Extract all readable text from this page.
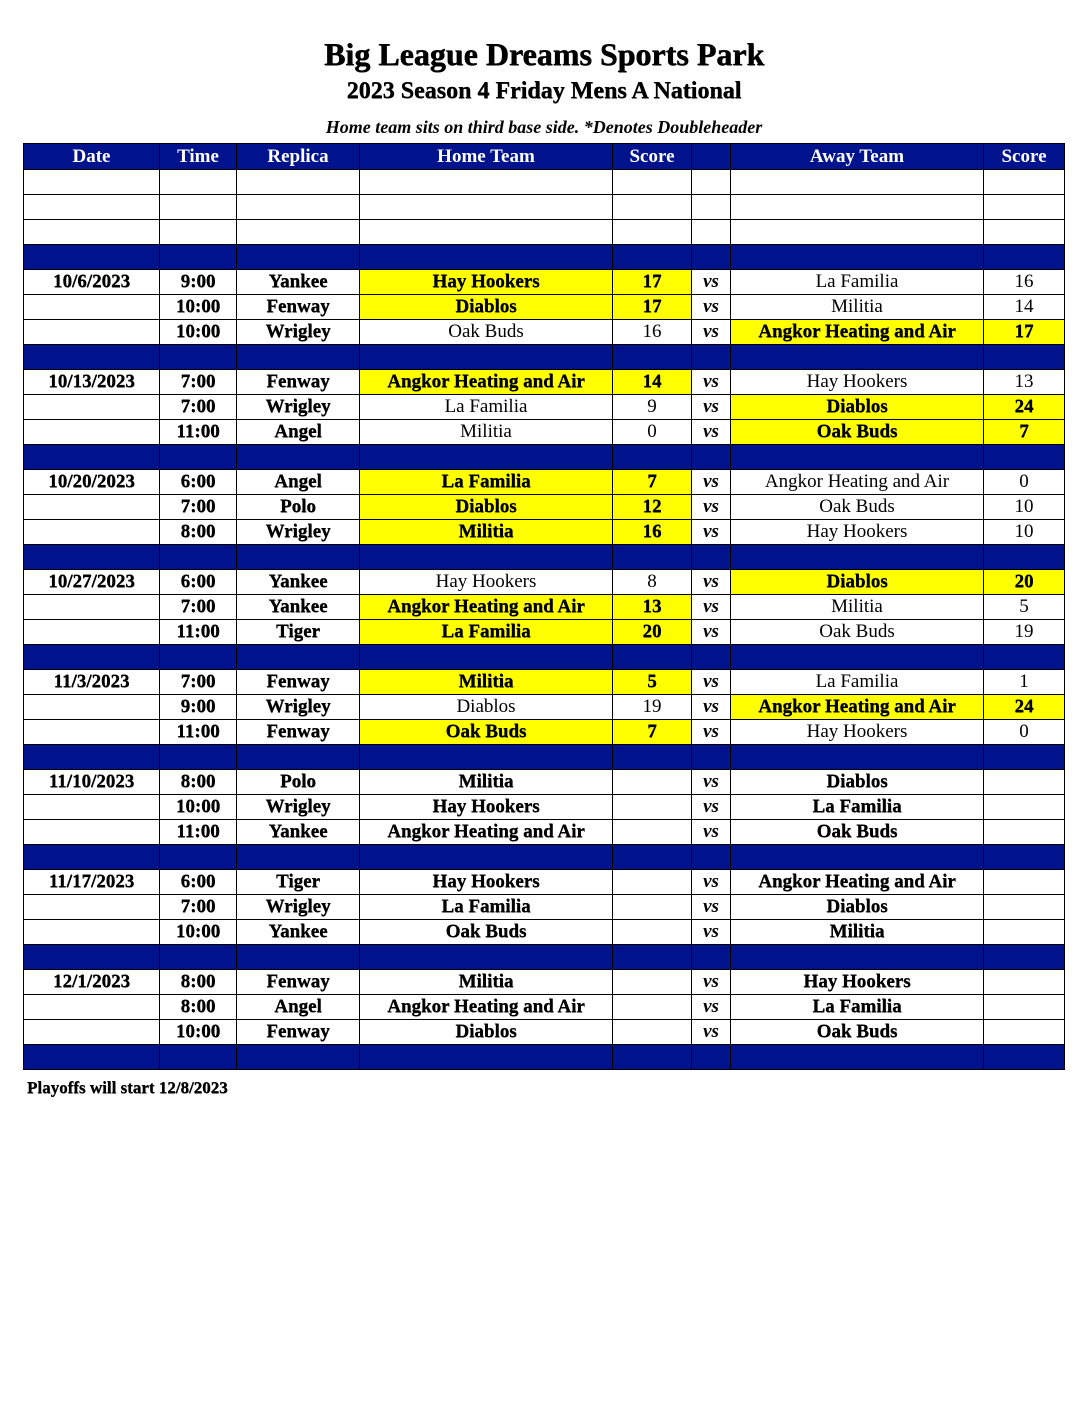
Big League Dreams Sports Park
2023 Season 4 Friday Mens A National
Home team sits on third base side. *Denotes Doubleheader
Date	Time	Replica	Home Team	Score		Away Team	Score

10/6/2023	9:00	Yankee	Hay Hookers	17	vs	La Familia	16
	10:00	Fenway	Diablos	17	vs	Militia	14
	10:00	Wrigley	Oak Buds	16	vs	Angkor Heating and Air	17

10/13/2023	7:00	Fenway	Angkor Heating and Air	14	vs	Hay Hookers	13
	7:00	Wrigley	La Familia	9	vs	Diablos	24
	11:00	Angel	Militia	0	vs	Oak Buds	7

10/20/2023	6:00	Angel	La Familia	7	vs	Angkor Heating and Air	0
	7:00	Polo	Diablos	12	vs	Oak Buds	10
	8:00	Wrigley	Militia	16	vs	Hay Hookers	10

10/27/2023	6:00	Yankee	Hay Hookers	8	vs	Diablos	20
	7:00	Yankee	Angkor Heating and Air	13	vs	Militia	5
	11:00	Tiger	La Familia	20	vs	Oak Buds	19

11/3/2023	7:00	Fenway	Militia	5	vs	La Familia	1
	9:00	Wrigley	Diablos	19	vs	Angkor Heating and Air	24
	11:00	Fenway	Oak Buds	7	vs	Hay Hookers	0

11/10/2023	8:00	Polo	Militia		vs	Diablos	
	10:00	Wrigley	Hay Hookers		vs	La Familia	
	11:00	Yankee	Angkor Heating and Air		vs	Oak Buds	

11/17/2023	6:00	Tiger	Hay Hookers		vs	Angkor Heating and Air	
	7:00	Wrigley	La Familia		vs	Diablos	
	10:00	Yankee	Oak Buds		vs	Militia	

12/1/2023	8:00	Fenway	Militia		vs	Hay Hookers	
	8:00	Angel	Angkor Heating and Air		vs	La Familia	
	10:00	Fenway	Diablos		vs	Oak Buds	

Playoffs will start 12/8/2023
